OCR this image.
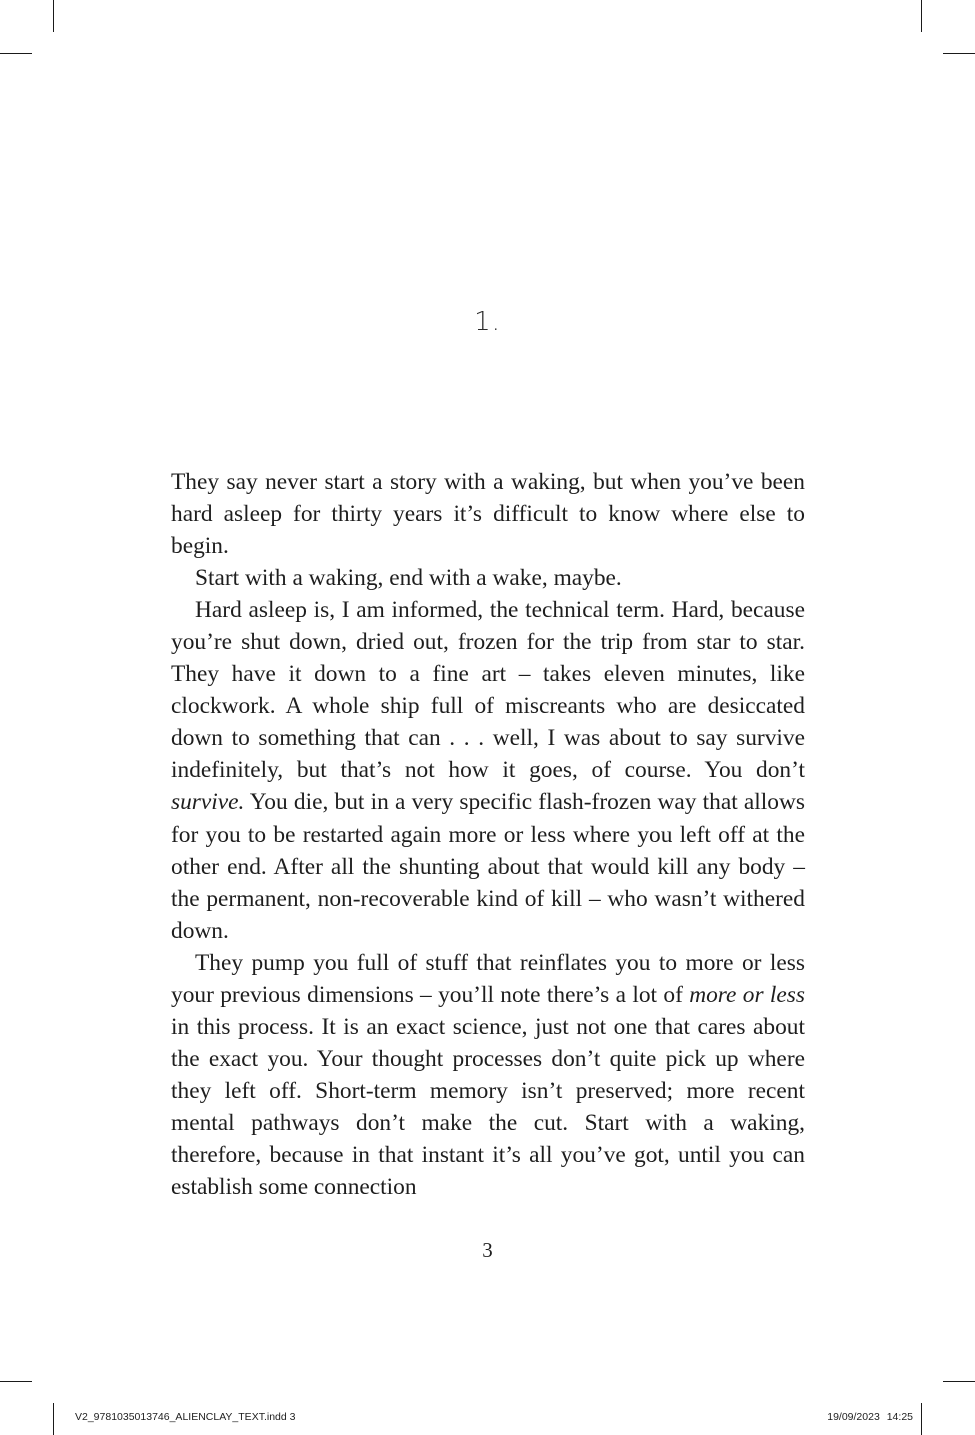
1.

They say never start a story with a waking, but when you’ve been hard asleep for thirty years it’s difficult to know where else to begin.

Start with a waking, end with a wake, maybe.

Hard asleep is, I am informed, the technical term. Hard, because you’re shut down, dried out, frozen for the trip from star to star. They have it down to a fine art – takes eleven minutes, like clockwork. A whole ship full of miscreants who are desiccated down to something that can . . . well, I was about to say survive indefinitely, but that’s not how it goes, of course. You don’t survive. You die, but in a very specific flash-frozen way that allows for you to be restarted again more or less where you left off at the other end. After all the shunting about that would kill any body – the permanent, non-recoverable kind of kill – who wasn’t withered down.

They pump you full of stuff that reinflates you to more or less your previous dimensions – you’ll note there’s a lot of more or less in this process. It is an exact science, just not one that cares about the exact you. Your thought processes don’t quite pick up where they left off. Short-term memory isn’t preserved; more recent mental pathways don’t make the cut. Start with a waking, therefore, because in that instant it’s all you’ve got, until you can establish some connection

3
V2_9781035013746_ALIENCLAY_TEXT.indd 3	19/09/2023 14:25
